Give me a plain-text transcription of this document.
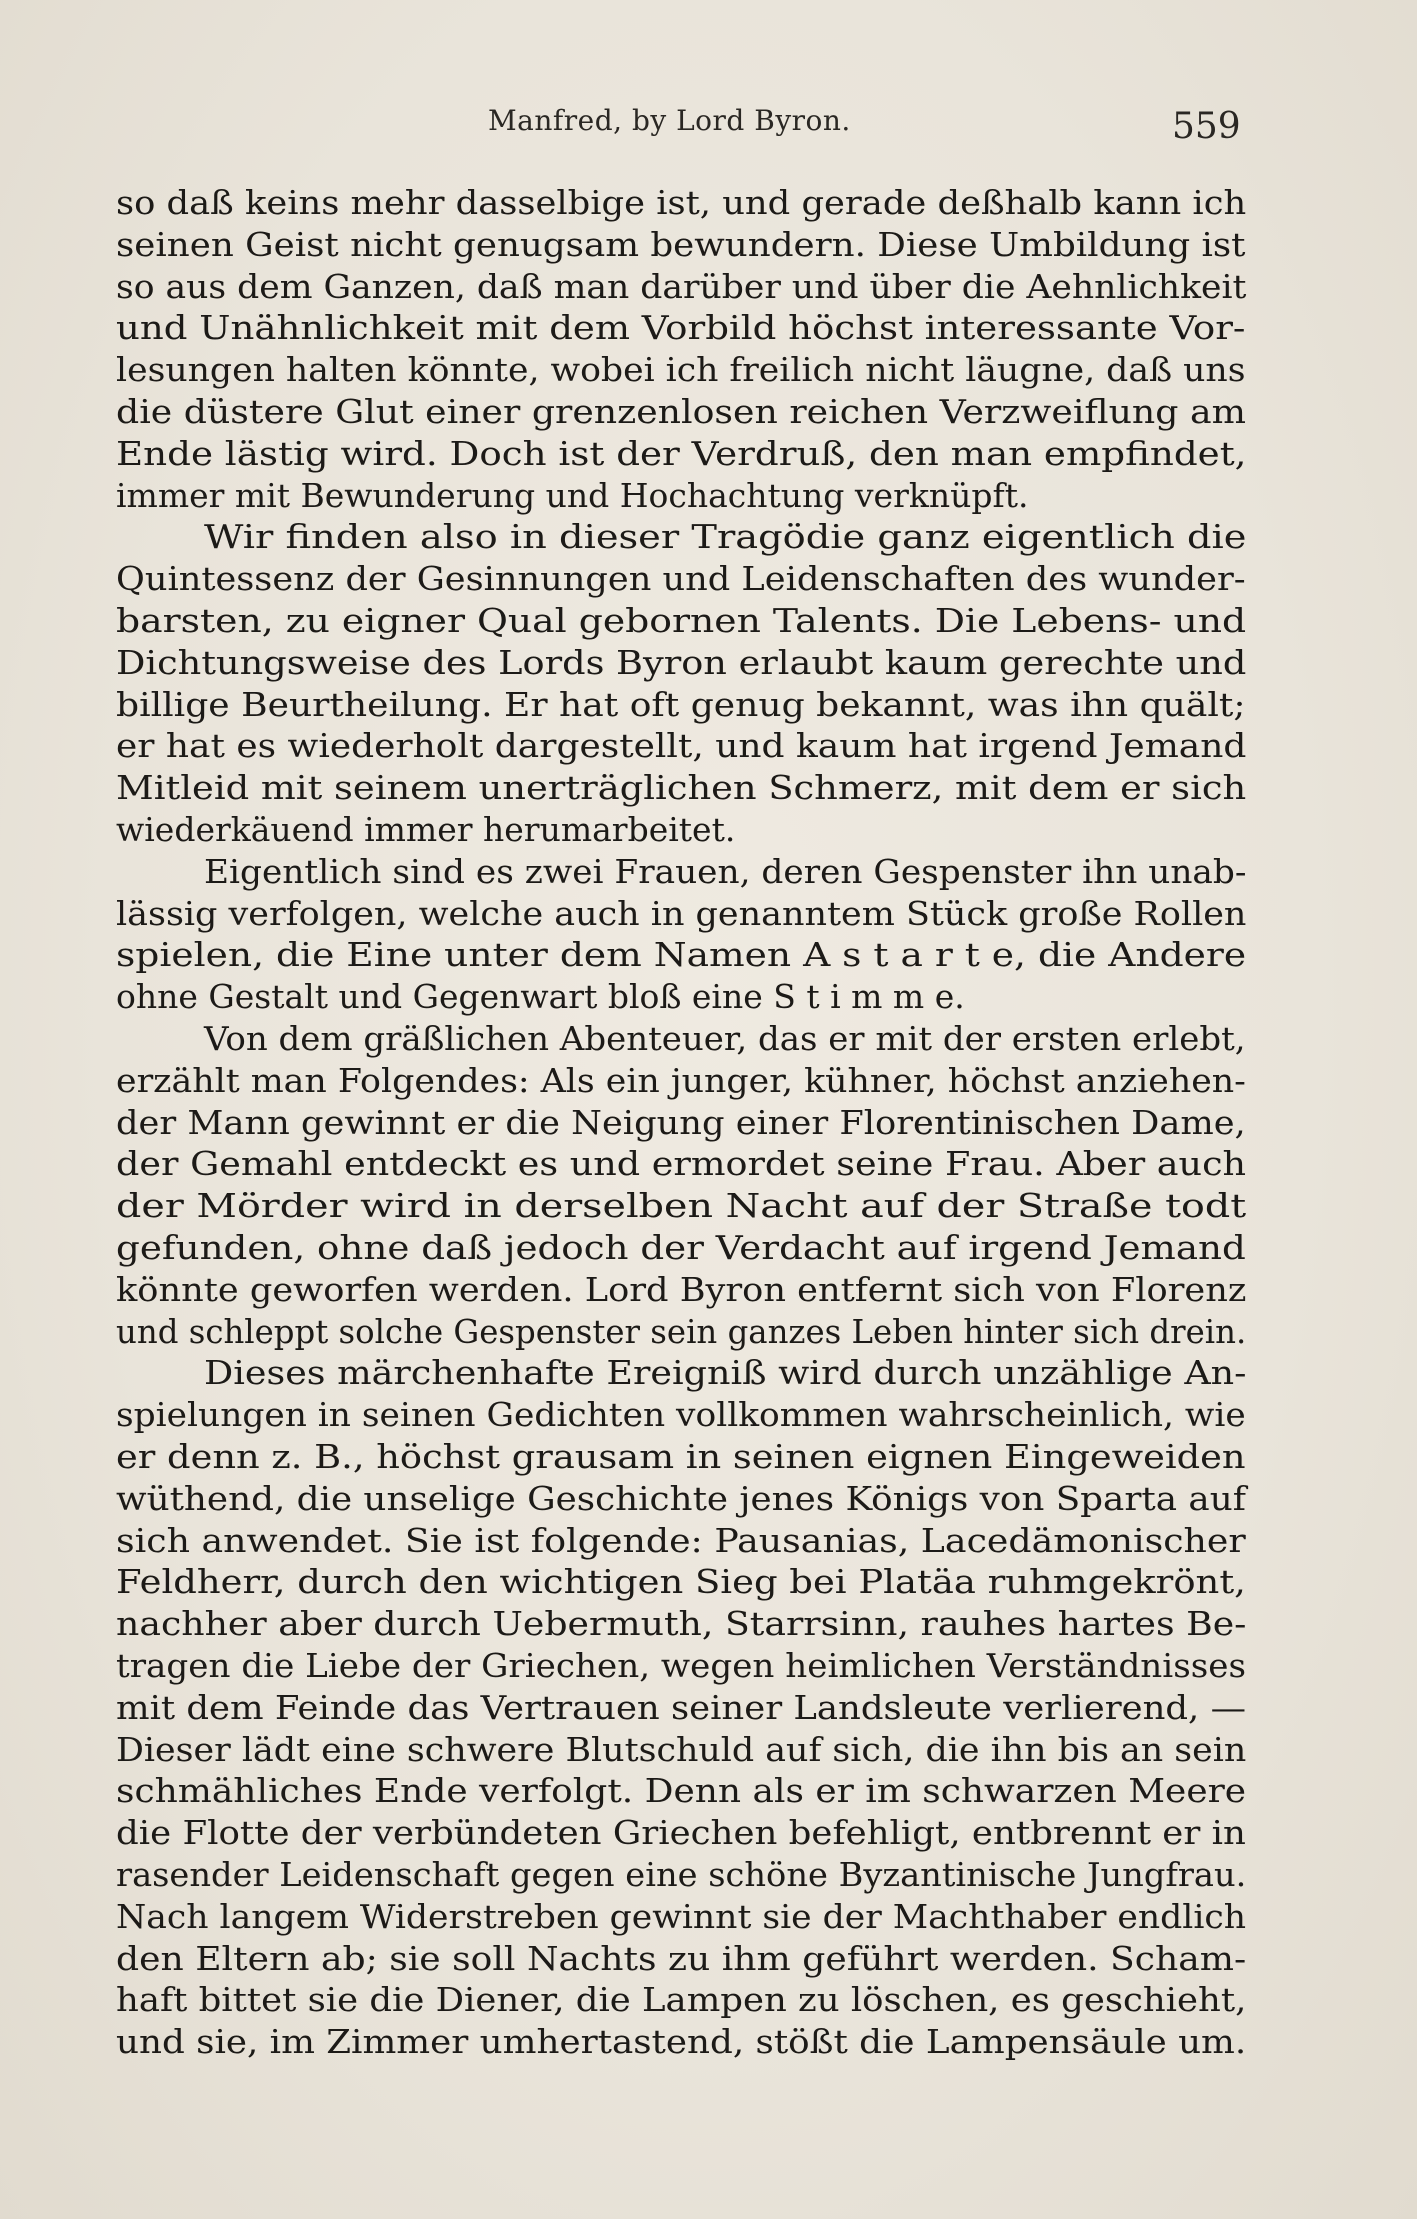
Manfred, by Lord Byron.	559
so daß keins mehr dasselbige ist, und gerade deßhalb kann ich
seinen Geist nicht genugsam bewundern. Diese Umbildung ist
so aus dem Ganzen, daß man darüber und über die Aehnlichkeit
und Unähnlichkeit mit dem Vorbild höchst interessante Vor-
lesungen halten könnte, wobei ich freilich nicht läugne, daß uns
die düstere Glut einer grenzenlosen reichen Verzweiflung am
Ende lästig wird. Doch ist der Verdruß, den man empfindet,
immer mit Bewunderung und Hochachtung verknüpft.
Wir finden also in dieser Tragödie ganz eigentlich die
Quintessenz der Gesinnungen und Leidenschaften des wunder-
barsten, zu eigner Qual gebornen Talents. Die Lebens- und
Dichtungsweise des Lords Byron erlaubt kaum gerechte und
billige Beurtheilung. Er hat oft genug bekannt, was ihn quält;
er hat es wiederholt dargestellt, und kaum hat irgend Jemand
Mitleid mit seinem unerträglichen Schmerz, mit dem er sich
wiederkäuend immer herumarbeitet.
Eigentlich sind es zwei Frauen, deren Gespenster ihn unab-
lässig verfolgen, welche auch in genanntem Stück große Rollen
spielen, die Eine unter dem Namen A s t a r t e, die Andere
ohne Gestalt und Gegenwart bloß eine S t i m m e.
Von dem gräßlichen Abenteuer, das er mit der ersten erlebt,
erzählt man Folgendes: Als ein junger, kühner, höchst anziehen-
der Mann gewinnt er die Neigung einer Florentinischen Dame,
der Gemahl entdeckt es und ermordet seine Frau. Aber auch
der Mörder wird in derselben Nacht auf der Straße todt
gefunden, ohne daß jedoch der Verdacht auf irgend Jemand
könnte geworfen werden. Lord Byron entfernt sich von Florenz
und schleppt solche Gespenster sein ganzes Leben hinter sich drein.
Dieses märchenhafte Ereigniß wird durch unzählige An-
spielungen in seinen Gedichten vollkommen wahrscheinlich, wie
er denn z. B., höchst grausam in seinen eignen Eingeweiden
wüthend, die unselige Geschichte jenes Königs von Sparta auf
sich anwendet. Sie ist folgende: Pausanias, Lacedämonischer
Feldherr, durch den wichtigen Sieg bei Platäa ruhmgekrönt,
nachher aber durch Uebermuth, Starrsinn, rauhes hartes Be-
tragen die Liebe der Griechen, wegen heimlichen Verständnisses
mit dem Feinde das Vertrauen seiner Landsleute verlierend, —
Dieser lädt eine schwere Blutschuld auf sich, die ihn bis an sein
schmähliches Ende verfolgt. Denn als er im schwarzen Meere
die Flotte der verbündeten Griechen befehligt, entbrennt er in
rasender Leidenschaft gegen eine schöne Byzantinische Jungfrau.
Nach langem Widerstreben gewinnt sie der Machthaber endlich
den Eltern ab; sie soll Nachts zu ihm geführt werden. Scham-
haft bittet sie die Diener, die Lampen zu löschen, es geschieht,
und sie, im Zimmer umhertastend, stößt die Lampensäule um.
